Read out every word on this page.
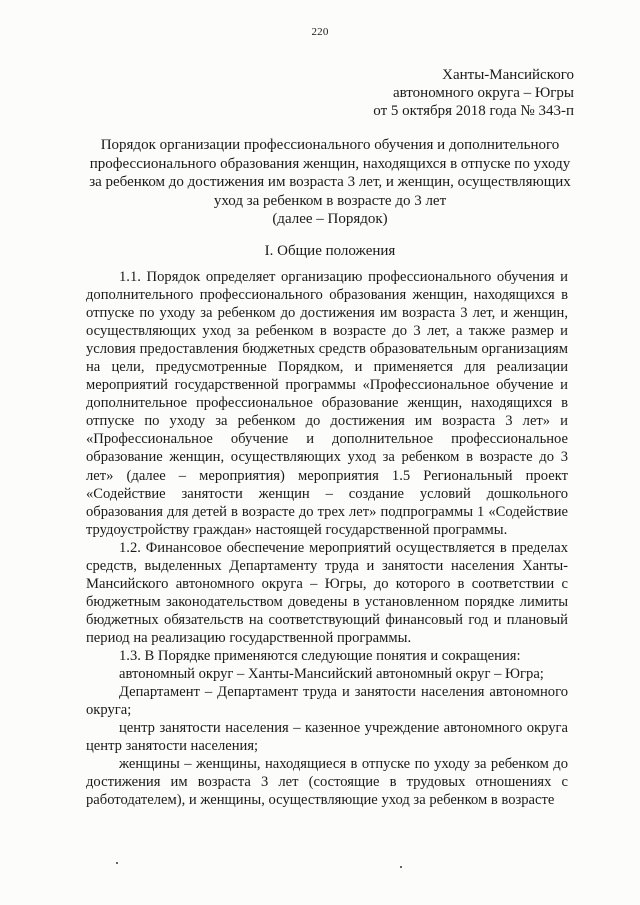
220
Ханты-Мансийского
автономного округа – Югры
от 5 октября 2018 года № 343-п
Порядок организации профессионального обучения и дополнительного
профессионального образования женщин, находящихся в отпуске по уходу
за ребенком до достижения им возраста 3 лет, и женщин, осуществляющих
уход за ребенком в возрасте до 3 лет
(далее – Порядок)
I. Общие положения

1.1. Порядок определяет организацию профессионального обучения и дополнительного профессионального образования женщин, находящихся в отпуске по уходу за ребенком до достижения им возраста 3 лет, и женщин, осуществляющих уход за ребенком в возрасте до 3 лет, а также размер и условия предоставления бюджетных средств образовательным организациям на цели, предусмотренные Порядком, и применяется для реализации мероприятий государственной программы «Профессиональное обучение и дополнительное профессиональное образование женщин, находящихся в отпуске по уходу за ребенком до достижения им возраста 3 лет» и «Профессиональное обучение и дополнительное профессиональное образование женщин, осуществляющих уход за ребенком в возрасте до 3 лет» (далее – мероприятия) мероприятия 1.5 Региональный проект «Содействие занятости женщин – создание условий дошкольного образования для детей в возрасте до трех лет» подпрограммы 1 «Содействие трудоустройству граждан» настоящей государственной программы.

1.2. Финансовое обеспечение мероприятий осуществляется в пределах средств, выделенных Департаменту труда и занятости населения Ханты-Мансийского автономного округа – Югры, до которого в соответствии с бюджетным законодательством доведены в установленном порядке лимиты бюджетных обязательств на соответствующий финансовый год и плановый период на реализацию государственной программы.

1.3. В Порядке применяются следующие понятия и сокращения:

автономный округ – Ханты-Мансийский автономный округ – Югра;

Департамент – Департамент труда и занятости населения автономного округа;

центр занятости населения – казенное учреждение автономного округа центр занятости населения;

женщины – женщины, находящиеся в отпуске по уходу за ребенком до достижения им возраста 3 лет (состоящие в трудовых отношениях с работодателем), и женщины, осуществляющие уход за ребенком в возрасте
